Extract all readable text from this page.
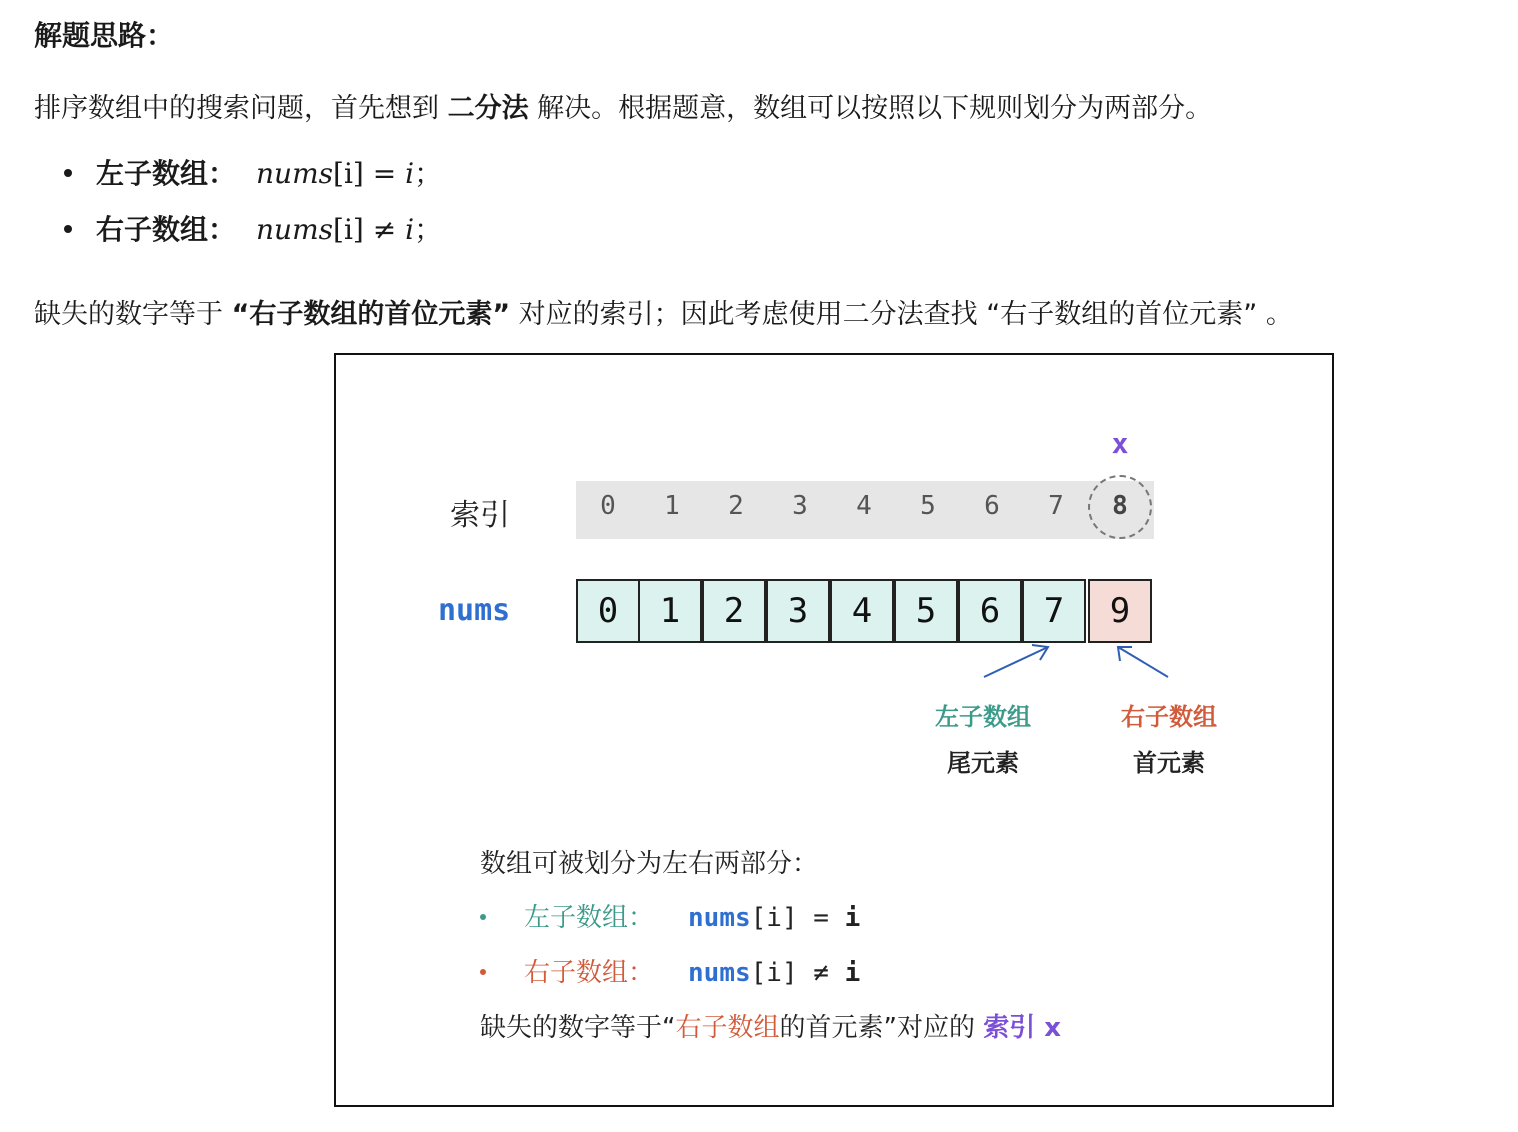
解题思路：
排序数组中的搜索问题，首先想到 二分法 解决。根据题意，数组可以按照以下规则划分为两部分。
左子数组： nums[i] = i；
右子数组： nums[i] ≠ i；
缺失的数字等于 “右子数组的首位元素” 对应的索引；因此考虑使用二分法查找 “右子数组的首位元素” 。
索引
nums
0	1	2	3	4	5	6	7	8
x
0	1	2	3	4	5	6	7	9
左子数组
尾元素
右子数组
首元素
数组可被划分为左右两部分：
左子数组： nums[i] = i
右子数组： nums[i] ≠ i
缺失的数字等于“右子数组的首元素”对应的 索引 x
